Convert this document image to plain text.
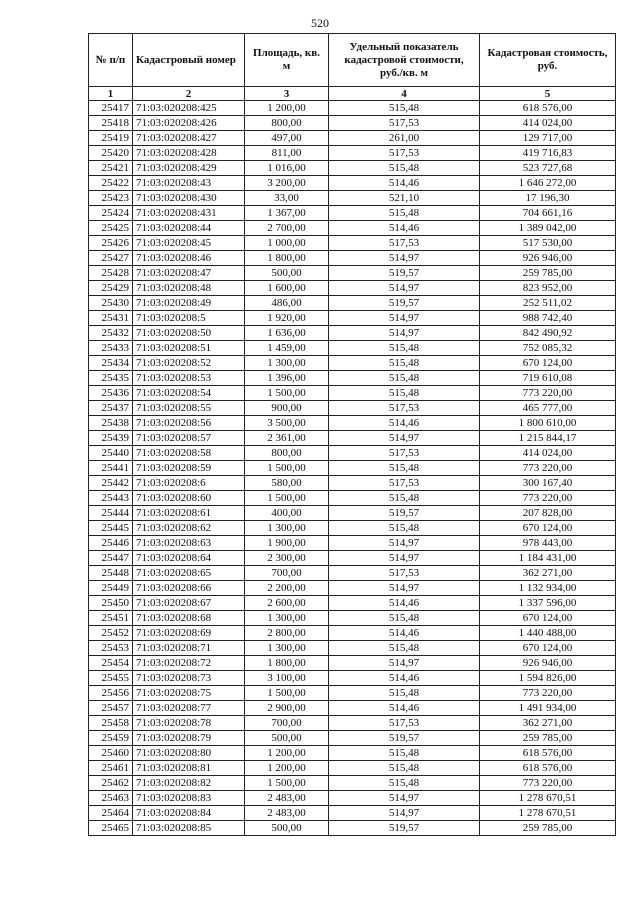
520
№ п/п	Кадастровый номер	Площадь, кв. м	Удельный показатель кадастровой стоимости, руб./кв. м	Кадастровая стоимость, руб.
1	2	3	4	5
25417	71:03:020208:425	1 200,00	515,48	618 576,00
25418	71:03:020208:426	800,00	517,53	414 024,00
25419	71:03:020208:427	497,00	261,00	129 717,00
25420	71:03:020208:428	811,00	517,53	419 716,83
25421	71:03:020208:429	1 016,00	515,48	523 727,68
25422	71:03:020208:43	3 200,00	514,46	1 646 272,00
25423	71:03:020208:430	33,00	521,10	17 196,30
25424	71:03:020208:431	1 367,00	515,48	704 661,16
25425	71:03:020208:44	2 700,00	514,46	1 389 042,00
25426	71:03:020208:45	1 000,00	517,53	517 530,00
25427	71:03:020208:46	1 800,00	514,97	926 946,00
25428	71:03:020208:47	500,00	519,57	259 785,00
25429	71:03:020208:48	1 600,00	514,97	823 952,00
25430	71:03:020208:49	486,00	519,57	252 511,02
25431	71:03:020208:5	1 920,00	514,97	988 742,40
25432	71:03:020208:50	1 636,00	514,97	842 490,92
25433	71:03:020208:51	1 459,00	515,48	752 085,32
25434	71:03:020208:52	1 300,00	515,48	670 124,00
25435	71:03:020208:53	1 396,00	515,48	719 610,08
25436	71:03:020208:54	1 500,00	515,48	773 220,00
25437	71:03:020208:55	900,00	517,53	465 777,00
25438	71:03:020208:56	3 500,00	514,46	1 800 610,00
25439	71:03:020208:57	2 361,00	514,97	1 215 844,17
25440	71:03:020208:58	800,00	517,53	414 024,00
25441	71:03:020208:59	1 500,00	515,48	773 220,00
25442	71:03:020208:6	580,00	517,53	300 167,40
25443	71:03:020208:60	1 500,00	515,48	773 220,00
25444	71:03:020208:61	400,00	519,57	207 828,00
25445	71:03:020208:62	1 300,00	515,48	670 124,00
25446	71:03:020208:63	1 900,00	514,97	978 443,00
25447	71:03:020208:64	2 300,00	514,97	1 184 431,00
25448	71:03:020208:65	700,00	517,53	362 271,00
25449	71:03:020208:66	2 200,00	514,97	1 132 934,00
25450	71:03:020208:67	2 600,00	514,46	1 337 596,00
25451	71:03:020208:68	1 300,00	515,48	670 124,00
25452	71:03:020208:69	2 800,00	514,46	1 440 488,00
25453	71:03:020208:71	1 300,00	515,48	670 124,00
25454	71:03:020208:72	1 800,00	514,97	926 946,00
25455	71:03:020208:73	3 100,00	514,46	1 594 826,00
25456	71:03:020208:75	1 500,00	515,48	773 220,00
25457	71:03:020208:77	2 900,00	514,46	1 491 934,00
25458	71:03:020208:78	700,00	517,53	362 271,00
25459	71:03:020208:79	500,00	519,57	259 785,00
25460	71:03:020208:80	1 200,00	515,48	618 576,00
25461	71:03:020208:81	1 200,00	515,48	618 576,00
25462	71:03:020208:82	1 500,00	515,48	773 220,00
25463	71:03:020208:83	2 483,00	514,97	1 278 670,51
25464	71:03:020208:84	2 483,00	514,97	1 278 670,51
25465	71:03:020208:85	500,00	519,57	259 785,00
